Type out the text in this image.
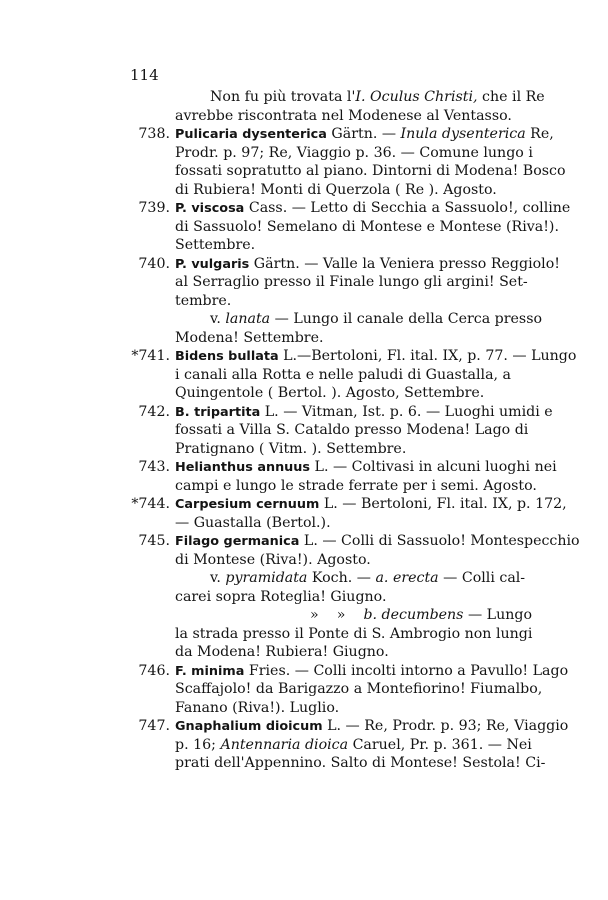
114
Non fu più trovata l'I. Oculus Christi, che il Re
avrebbe riscontrata nel Modenese al Ventasso.
738. Pulicaria dysenterica Gärtn. — Inula dysenterica Re,
Prodr. p. 97; Re, Viaggio p. 36. — Comune lungo i
fossati sopratutto al piano. Dintorni di Modena! Bosco
di Rubiera! Monti di Querzola ( Re ). Agosto.
739. P. viscosa Cass. — Letto di Secchia a Sassuolo!, colline
di Sassuolo! Semelano di Montese e Montese (Riva!).
Settembre.
740. P. vulgaris Gärtn. — Valle la Veniera presso Reggiolo!
al Serraglio presso il Finale lungo gli argini! Set-
tembre.
v. lanata — Lungo il canale della Cerca presso
Modena! Settembre.
*741. Bidens bullata L.—Bertoloni, Fl. ital. IX, p. 77. — Lungo
i canali alla Rotta e nelle paludi di Guastalla, a
Quingentole ( Bertol. ). Agosto, Settembre.
742. B. tripartita L. — Vitman, Ist. p. 6. — Luoghi umidi e
fossati a Villa S. Cataldo presso Modena! Lago di
Pratignano ( Vitm. ). Settembre.
743. Helianthus annuus L. — Coltivasi in alcuni luoghi nei
campi e lungo le strade ferrate per i semi. Agosto.
*744. Carpesium cernuum L. — Bertoloni, Fl. ital. IX, p. 172,
— Guastalla (Bertol.).
745. Filago germanica L. — Colli di Sassuolo! Montespecchio
di Montese (Riva!). Agosto.
v. pyramidata Koch. — a. erecta — Colli cal-
carei sopra Roteglia! Giugno.
»    »    b. decumbens — Lungo
la strada presso il Ponte di S. Ambrogio non lungi
da Modena! Rubiera! Giugno.
746. F. minima Fries. — Colli incolti intorno a Pavullo! Lago
Scaffajolo! da Barigazzo a Montefiorino! Fiumalbo,
Fanano (Riva!). Luglio.
747. Gnaphalium dioicum L. — Re, Prodr. p. 93; Re, Viaggio
p. 16; Antennaria dioica Caruel, Pr. p. 361. — Nei
prati dell'Appennino. Salto di Montese! Sestola! Ci-
